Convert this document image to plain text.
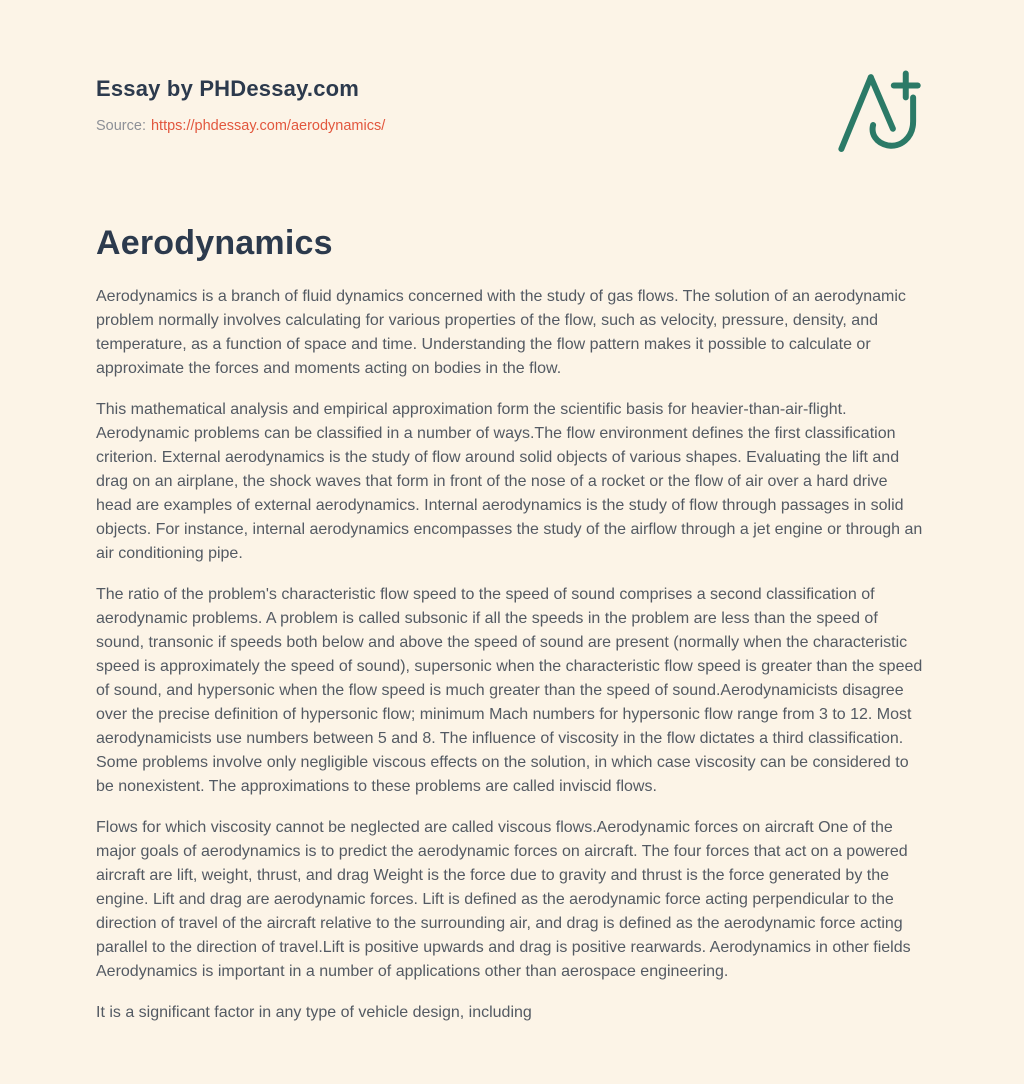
Essay by PHDessay.com

Source: https://phdessay.com/aerodynamics/

Aerodynamics

Aerodynamics is a branch of fluid dynamics concerned with the study of gas flows. The solution of an aerodynamic problem normally involves calculating for various properties of the flow, such as velocity, pressure, density, and temperature, as a function of space and time. Understanding the flow pattern makes it possible to calculate or approximate the forces and moments acting on bodies in the flow.

This mathematical analysis and empirical approximation form the scientific basis for heavier-than-air-flight. Aerodynamic problems can be classified in a number of ways.The flow environment defines the first classification criterion. External aerodynamics is the study of flow around solid objects of various shapes. Evaluating the lift and drag on an airplane, the shock waves that form in front of the nose of a rocket or the flow of air over a hard drive head are examples of external aerodynamics. Internal aerodynamics is the study of flow through passages in solid objects. For instance, internal aerodynamics encompasses the study of the airflow through a jet engine or through an air conditioning pipe.

The ratio of the problem's characteristic flow speed to the speed of sound comprises a second classification of aerodynamic problems. A problem is called subsonic if all the speeds in the problem are less than the speed of sound, transonic if speeds both below and above the speed of sound are present (normally when the characteristic speed is approximately the speed of sound), supersonic when the characteristic flow speed is greater than the speed of sound, and hypersonic when the flow speed is much greater than the speed of sound.Aerodynamicists disagree over the precise definition of hypersonic flow; minimum Mach numbers for hypersonic flow range from 3 to 12. Most aerodynamicists use numbers between 5 and 8. The influence of viscosity in the flow dictates a third classification. Some problems involve only negligible viscous effects on the solution, in which case viscosity can be considered to be nonexistent. The approximations to these problems are called inviscid flows.

Flows for which viscosity cannot be neglected are called viscous flows.Aerodynamic forces on aircraft One of the major goals of aerodynamics is to predict the aerodynamic forces on aircraft. The four forces that act on a powered aircraft are lift, weight, thrust, and drag Weight is the force due to gravity and thrust is the force generated by the engine. Lift and drag are aerodynamic forces. Lift is defined as the aerodynamic force acting perpendicular to the direction of travel of the aircraft relative to the surrounding air, and drag is defined as the aerodynamic force acting parallel to the direction of travel.Lift is positive upwards and drag is positive rearwards. Aerodynamics in other fields Aerodynamics is important in a number of applications other than aerospace engineering.

It is a significant factor in any type of vehicle design, including
